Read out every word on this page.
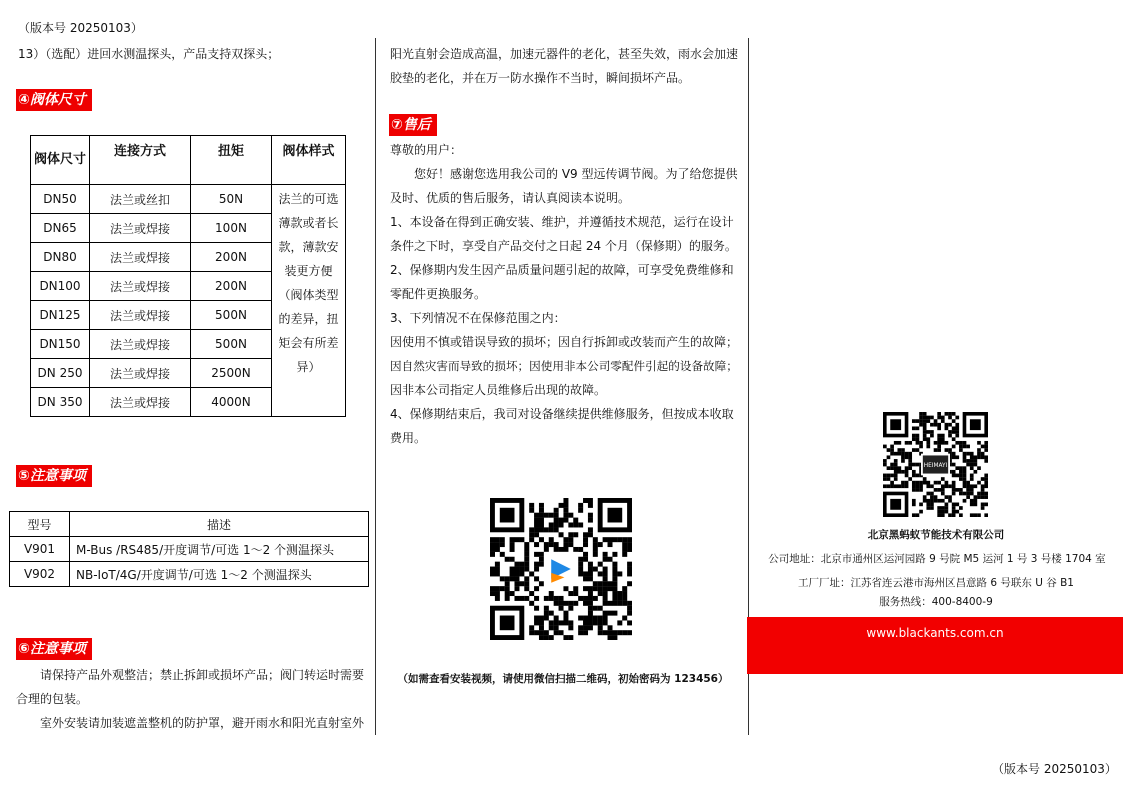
（版本号 20250103）
13）（选配）进回水测温探头，产品支持双探头；
④阀体尺寸
阀体尺寸	连接方式	扭矩	阀体样式
DN50	法兰或丝扣	50N	法兰的可选薄款或者长款，薄款安装更方便（阀体类型的差异，扭矩会有所差异）
DN65	法兰或焊接	100N	
DN80	法兰或焊接	200N	
DN100	法兰或焊接	200N	
DN125	法兰或焊接	500N	
DN150	法兰或焊接	500N	
DN 250	法兰或焊接	2500N	
DN 350	法兰或焊接	4000N	
⑤注意事项
型号	描述
V901	M-Bus /RS485/开度调节/可选 1～2 个测温探头
V902	NB-IoT/4G/开度调节/可选 1～2 个测温探头
⑥注意事项
请保持产品外观整洁；禁止拆卸或损坏产品；阀门转运时需要合理的包装。
室外安装请加装遮盖整机的防护罩，避开雨水和阳光直射室外
阳光直射会造成高温，加速元器件的老化，甚至失效，雨水会加速胶垫的老化，并在万一防水操作不当时，瞬间损坏产品。
⑦售后
尊敬的用户：
您好！感谢您选用我公司的 V9 型远传调节阀。为了给您提供及时、优质的售后服务，请认真阅读本说明。
1、本设备在得到正确安装、维护，并遵循技术规范，运行在设计条件之下时，享受自产品交付之日起 24 个月（保修期）的服务。
2、保修期内发生因产品质量问题引起的故障，可享受免费维修和零配件更换服务。
3、下列情况不在保修范围之内：
因使用不慎或错误导致的损坏；因自行拆卸或改装而产生的故障；
因自然灾害而导致的损坏；因使用非本公司零配件引起的设备故障；
因非本公司指定人员维修后出现的故障。
4、保修期结束后，我司对设备继续提供维修服务，但按成本收取费用。
（如需查看安装视频，请使用微信扫描二维码，初始密码为 123456）
HEIMAYI
北京黑蚂蚁节能技术有限公司
公司地址：北京市通州区运河园路 9 号院 M5 运河 1 号 3 号楼 1704 室
工厂厂址：江苏省连云港市海州区昌意路 6 号联东 U 谷 B1
服务热线：400-8400-9
www.blackants.com.cn
（版本号 20250103）
